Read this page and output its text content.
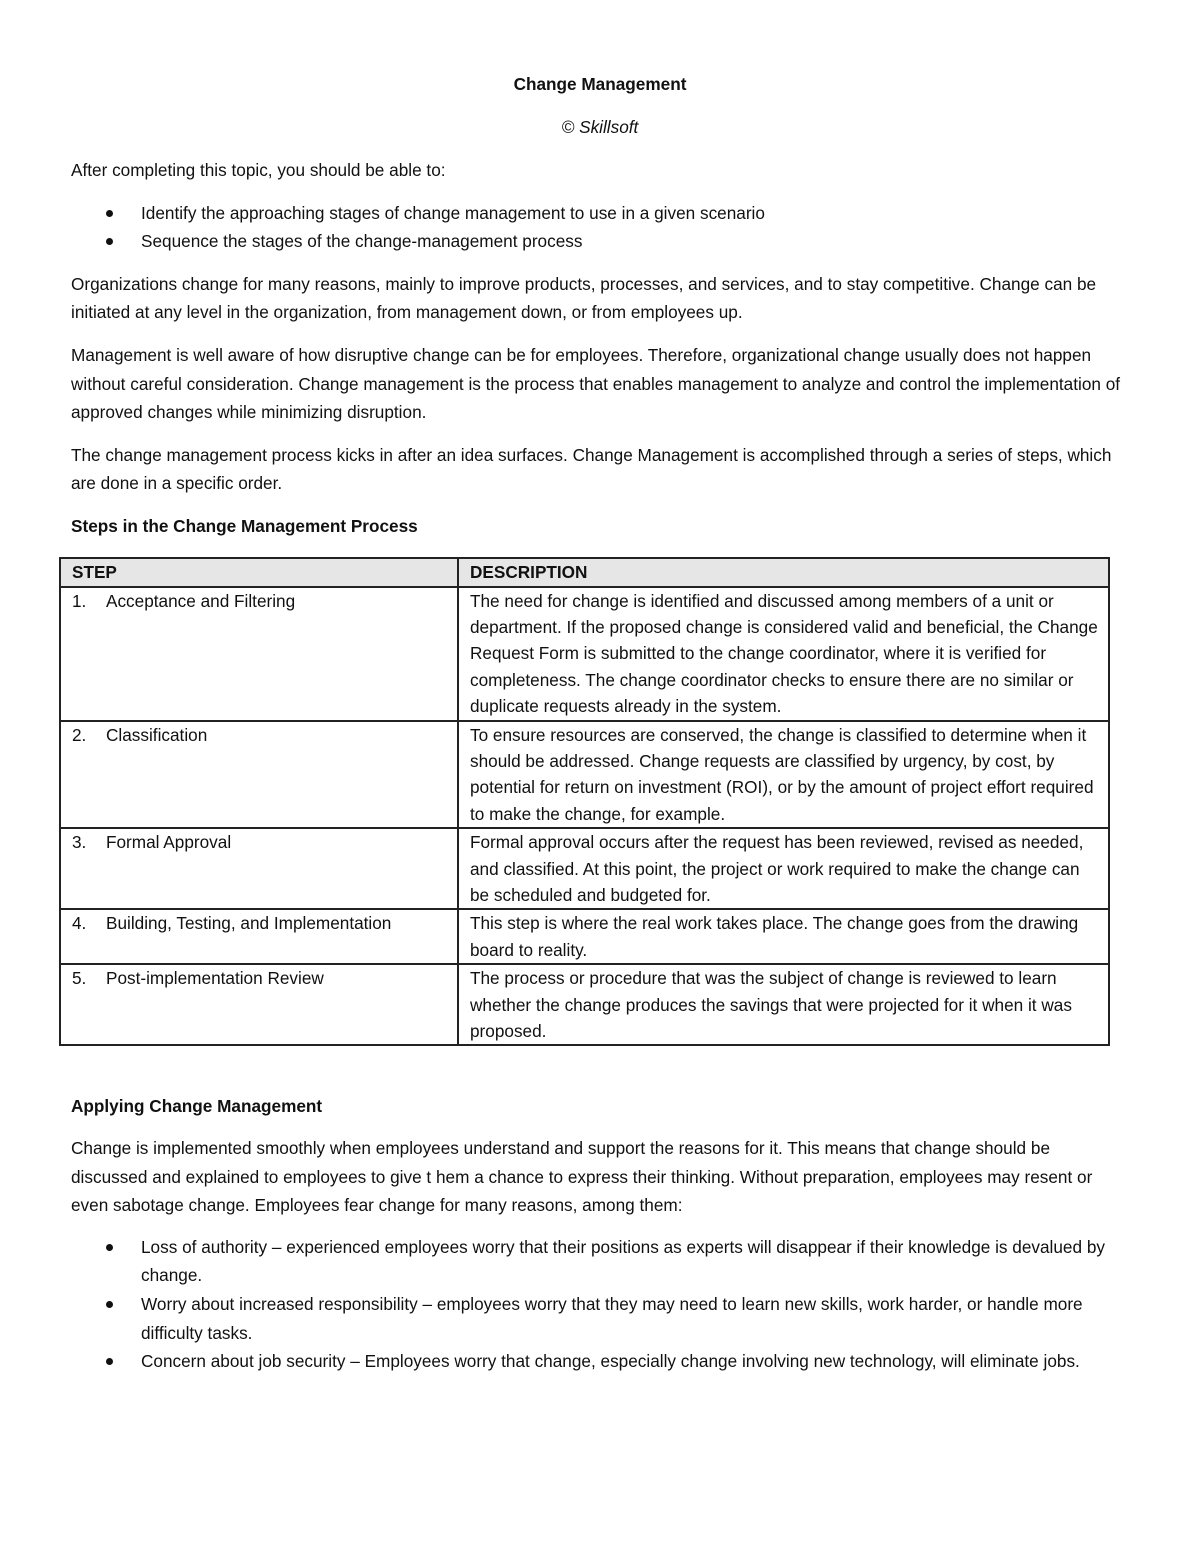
Change Management
© Skillsoft

After completing this topic, you should be able to:

Identify the approaching stages of change management to use in a given scenario
Sequence the stages of the change-management process

Organizations change for many reasons, mainly to improve products, processes, and services, and to stay competitive. Change can be initiated at any level in the organization, from management down, or from employees up.

Management is well aware of how disruptive change can be for employees. Therefore, organizational change usually does not happen without careful consideration. Change management is the process that enables management to analyze and control the implementation of approved changes while minimizing disruption.

The change management process kicks in after an idea surfaces. Change Management is accomplished through a series of steps, which are done in a specific order.

Steps in the Change Management Process

STEP	DESCRIPTION
1. Acceptance and Filtering	The need for change is identified and discussed among members of a unit or department. If the proposed change is considered valid and beneficial, the Change Request Form is submitted to the change coordinator, where it is verified for completeness. The change coordinator checks to ensure there are no similar or duplicate requests already in the system.
2. Classification	To ensure resources are conserved, the change is classified to determine when it should be addressed. Change requests are classified by urgency, by cost, by potential for return on investment (ROI), or by the amount of project effort required to make the change, for example.
3. Formal Approval	Formal approval occurs after the request has been reviewed, revised as needed, and classified. At this point, the project or work required to make the change can be scheduled and budgeted for.
4. Building, Testing, and Implementation	This step is where the real work takes place. The change goes from the drawing board to reality.
5. Post-implementation Review	The process or procedure that was the subject of change is reviewed to learn whether the change produces the savings that were projected for it when it was proposed.

Applying Change Management

Change is implemented smoothly when employees understand and support the reasons for it. This means that change should be discussed and explained to employees to give t hem a chance to express their thinking. Without preparation, employees may resent or even sabotage change. Employees fear change for many reasons, among them:

Loss of authority – experienced employees worry that their positions as experts will disappear if their knowledge is devalued by change.
Worry about increased responsibility – employees worry that they may need to learn new skills, work harder, or handle more difficulty tasks.
Concern about job security – Employees worry that change, especially change involving new technology, will eliminate jobs.
